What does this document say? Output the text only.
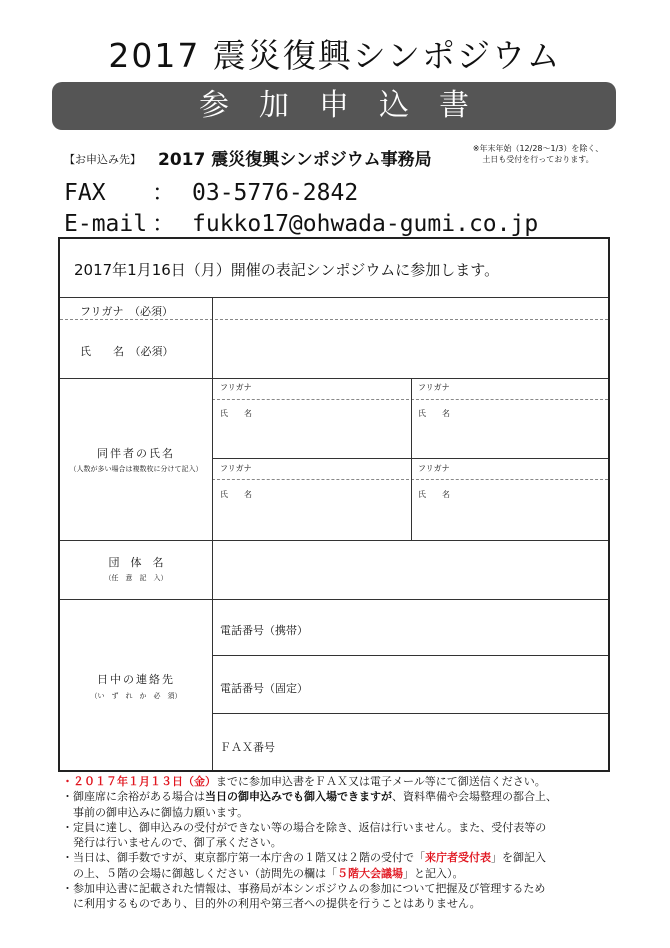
2017 震災復興シンポジウム
参加申込書
【お申込み先】 2017 震災復興シンポジウム事務局
※年末年始（12/28～1/3）を除く、
土日も受付を行っております。
FAX ： 03-5776-2842
E-mail ： fukko17@ohwada-gumi.co.jp
2017年1月16日（月）開催の表記シンポジウムに参加します。
フリガナ　（必須）
氏　　名　（必須）
同伴者の氏名
（人数が多い場合は複数枚に分けて記入）
団　体　名
（任　意　記　入）
日中の連絡先
（い　ず　れ　か　必　須）
フリガナ
氏　　名
フリガナ
氏　　名
フリガナ
氏　　名
フリガナ
氏　　名
電話番号（携帯）
電話番号（固定）
ＦＡＸ番号

・２０１７年１月１３日（金）までに参加申込書をＦＡＸ又は電子メール等にて御送信ください。

・御座席に余裕がある場合は当日の御申込みでも御入場できますが、資料準備や会場整理の都合上、

　事前の御申込みに御協力願います。

・定員に達し、御申込みの受付ができない等の場合を除き、返信は行いません。また、受付表等の

　発行は行いませんので、御了承ください。

・当日は、御手数ですが、東京都庁第一本庁舎の１階又は２階の受付で「来庁者受付表」を御記入

　の上、５階の会場に御越しください（訪問先の欄は「５階大会議場」と記入）。

・参加申込書に記載された情報は、事務局が本シンポジウムの参加について把握及び管理するため

　に利用するものであり、目的外の利用や第三者への提供を行うことはありません。
